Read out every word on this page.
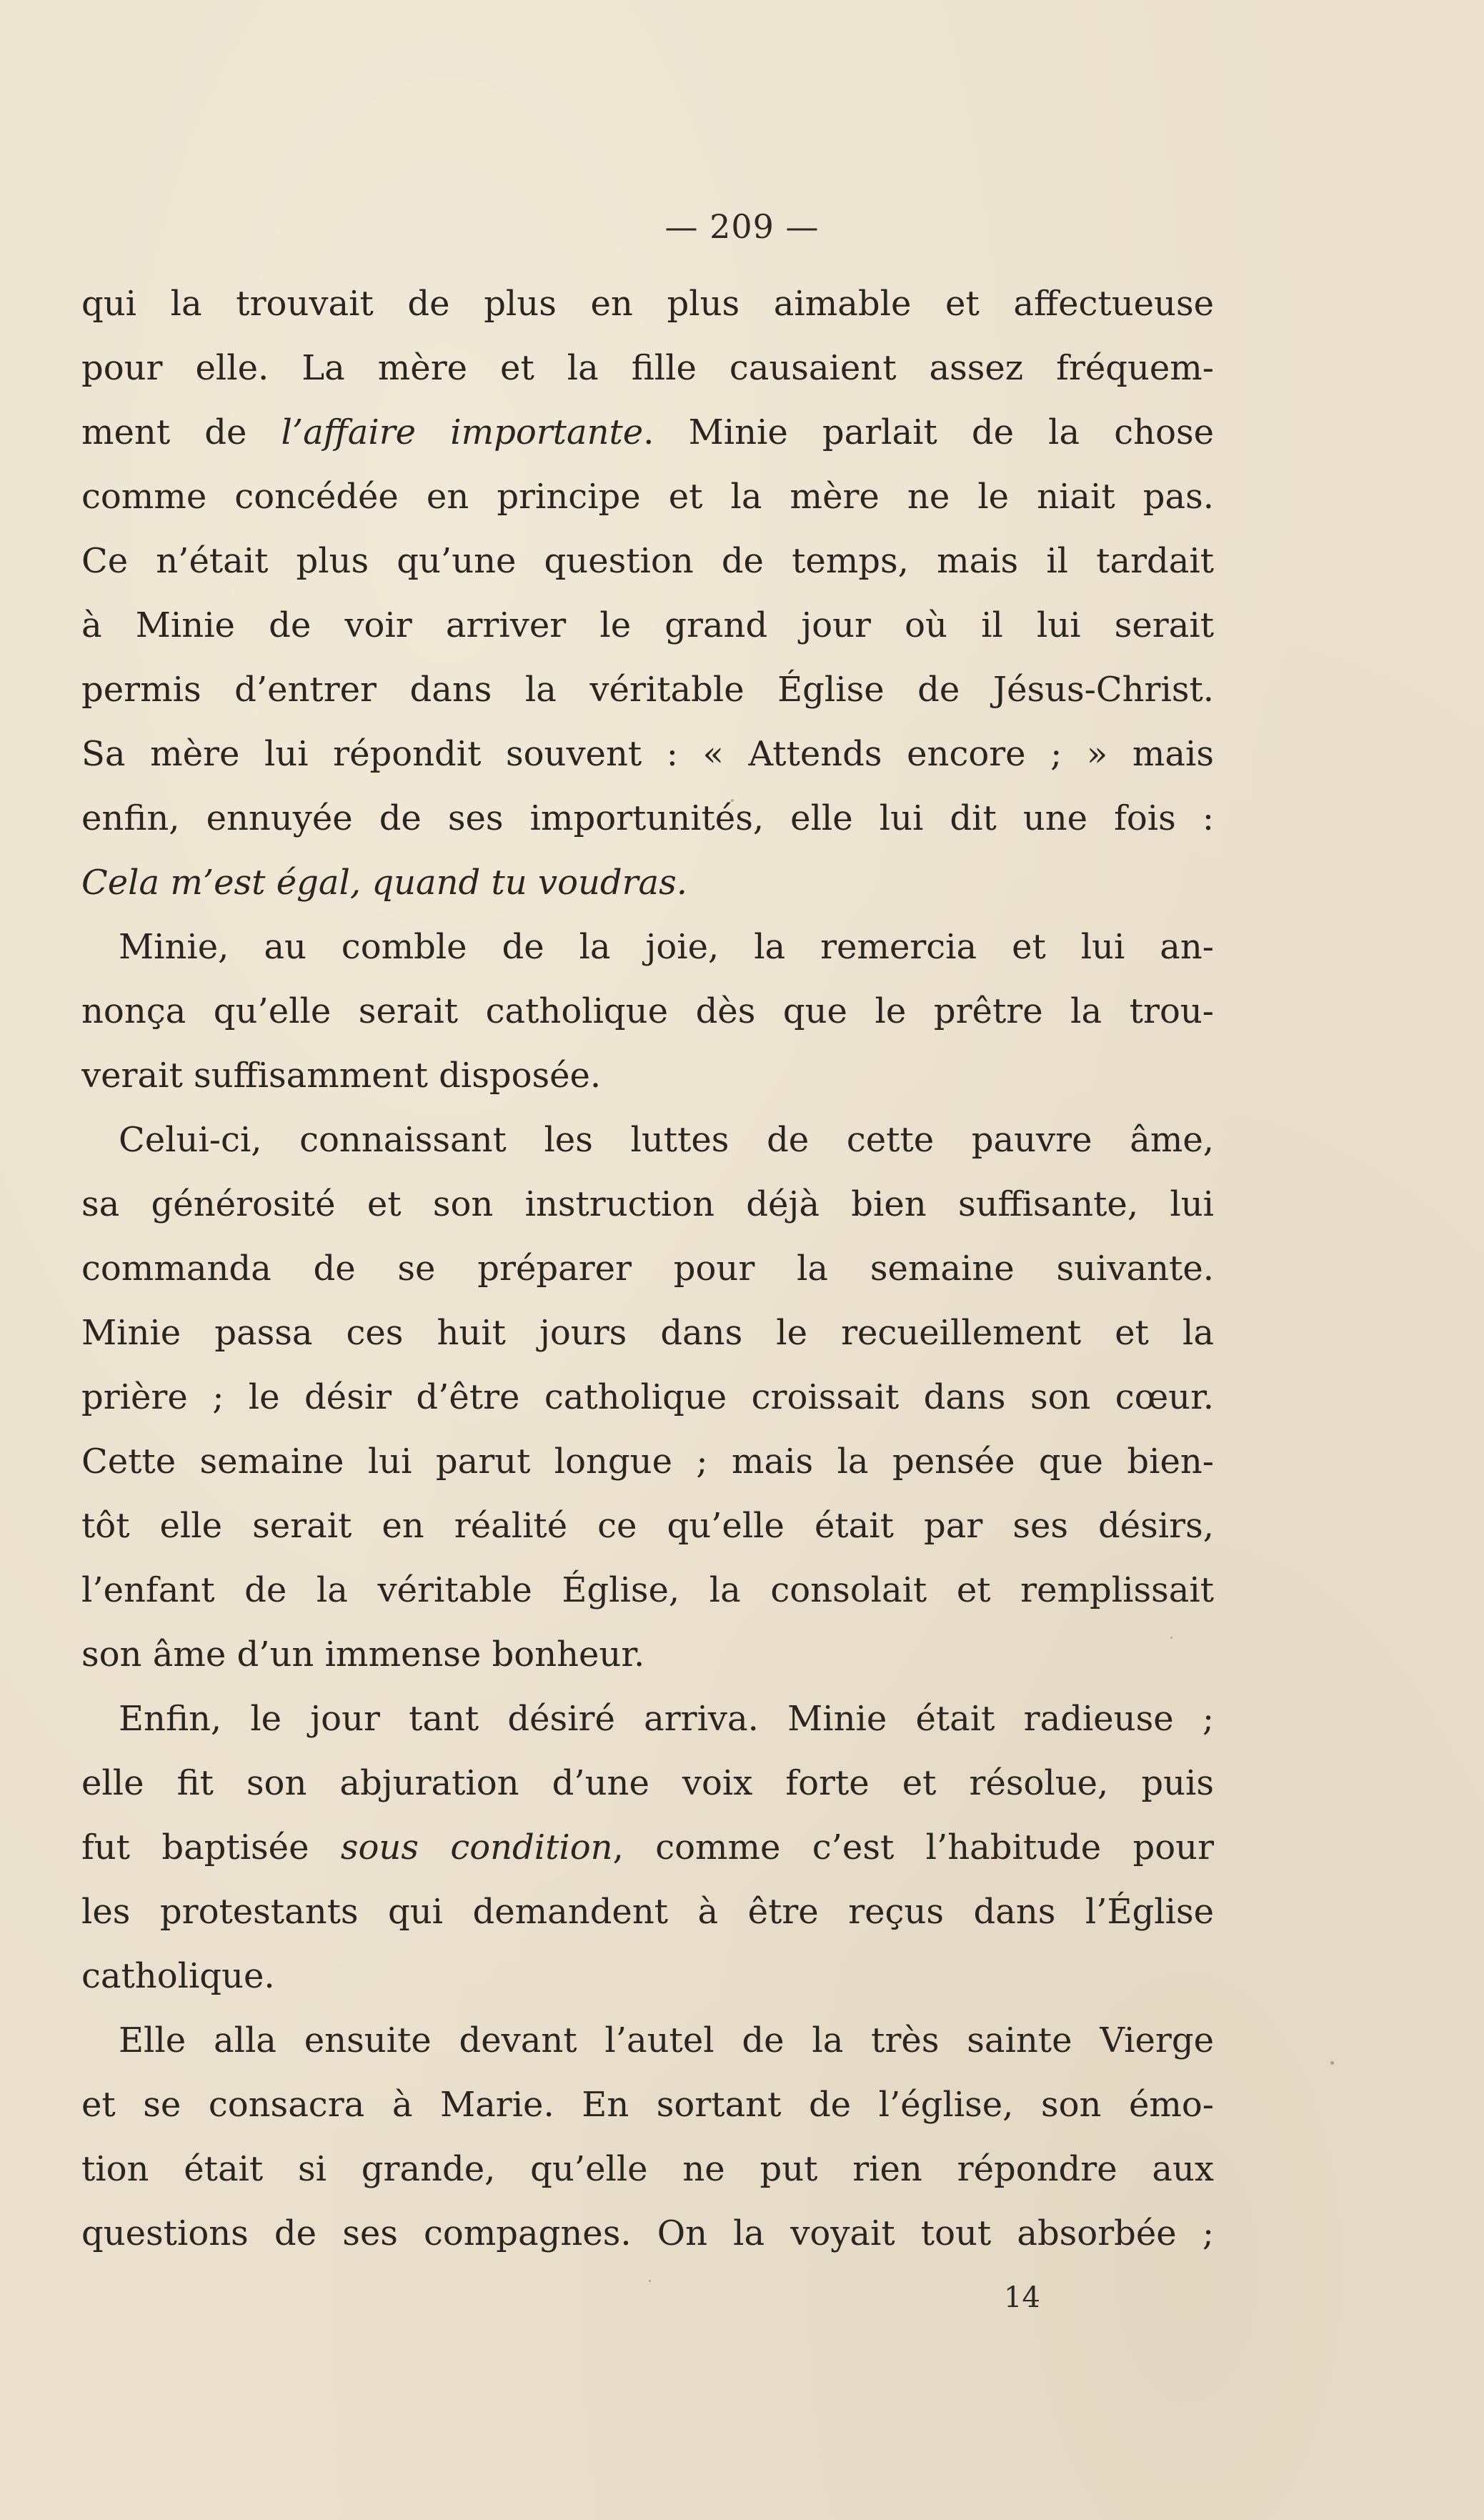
— 209 —
qui la trouvait de plus en plus aimable et affectueuse
pour elle. La mère et la fille causaient assez fréquem-
ment de l’affaire importante. Minie parlait de la chose
comme concédée en principe et la mère ne le niait pas.
Ce n’était plus qu’une question de temps, mais il tardait
à Minie de voir arriver le grand jour où il lui serait
permis d’entrer dans la véritable Église de Jésus-Christ.
Sa mère lui répondit souvent : « Attends encore ; » mais
enfin, ennuyée de ses importunités, elle lui dit une fois :
Cela m’est égal, quand tu voudras.
Minie, au comble de la joie, la remercia et lui an-
nonça qu’elle serait catholique dès que le prêtre la trou-
verait suffisamment disposée.
Celui-ci, connaissant les luttes de cette pauvre âme,
sa générosité et son instruction déjà bien suffisante, lui
commanda de se préparer pour la semaine suivante.
Minie passa ces huit jours dans le recueillement et la
prière ; le désir d’être catholique croissait dans son cœur.
Cette semaine lui parut longue ; mais la pensée que bien-
tôt elle serait en réalité ce qu’elle était par ses désirs,
l’enfant de la véritable Église, la consolait et remplissait
son âme d’un immense bonheur.
Enfin, le jour tant désiré arriva. Minie était radieuse ;
elle fit son abjuration d’une voix forte et résolue, puis
fut baptisée sous condition, comme c’est l’habitude pour
les protestants qui demandent à être reçus dans l’Église
catholique.
Elle alla ensuite devant l’autel de la très sainte Vierge
et se consacra à Marie. En sortant de l’église, son émo-
tion était si grande, qu’elle ne put rien répondre aux
questions de ses compagnes. On la voyait tout absorbée ;
14
